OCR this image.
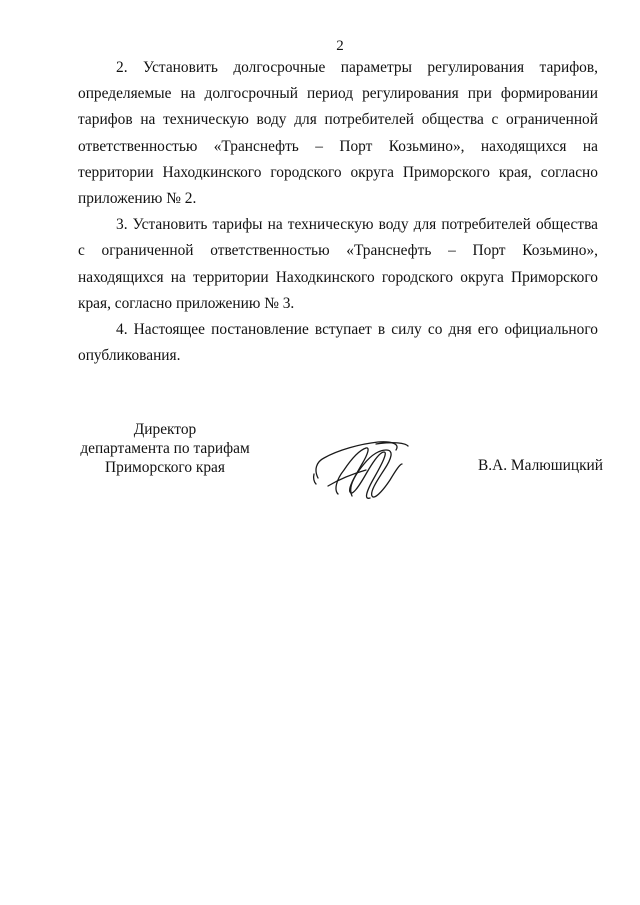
2

2. Установить долгосрочные параметры регулирования тарифов, определяемые на долгосрочный период регулирования при формировании тарифов на техническую воду для потребителей общества с ограниченной ответственностью «Транснефть – Порт Козьмино», находящихся на территории Находкинского городского округа Приморского края, согласно приложению № 2.

3. Установить тарифы на техническую воду для потребителей общества с ограниченной ответственностью «Транснефть – Порт Козьмино», находящихся на территории Находкинского городского округа Приморского края, согласно приложению № 3.

4. Настоящее постановление вступает в силу со дня его официального опубликования.

Директор
департамента по тарифам
Приморского края	В.А. Малюшицкий
